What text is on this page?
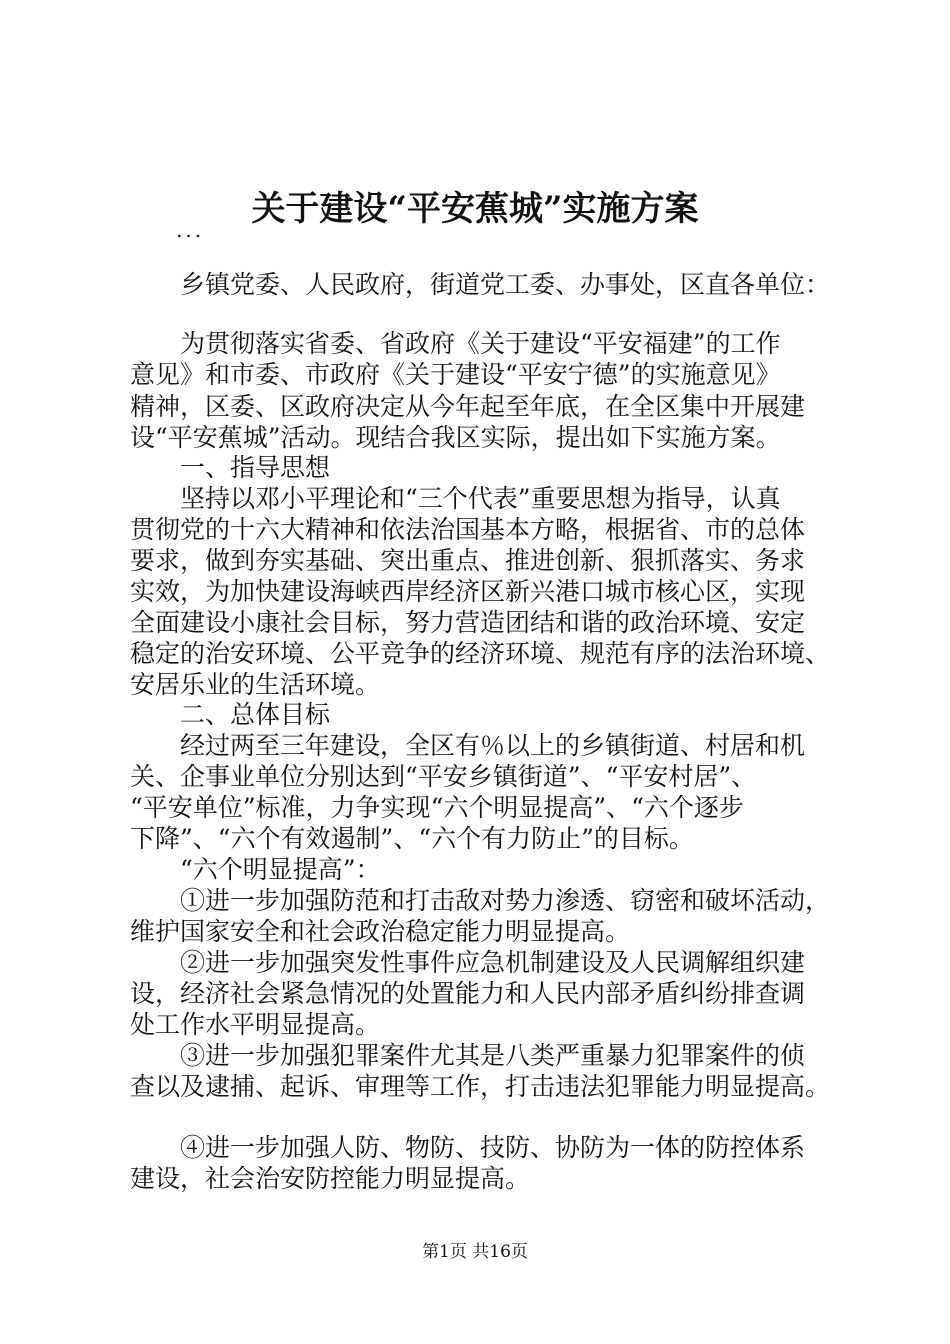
关于建设“平安蕉城”实施方案
...
　　乡镇党委、人民政府，街道党工委、办事处，区直各单位：
　　为贯彻落实省委、省政府《关于建设“平安福建”的工作
意见》和市委、市政府《关于建设“平安宁德”的实施意见》
精神，区委、区政府决定从今年起至年底，在全区集中开展建
设“平安蕉城”活动。现结合我区实际，提出如下实施方案。
　　一、指导思想
　　坚持以邓小平理论和“三个代表”重要思想为指导，认真
贯彻党的十六大精神和依法治国基本方略，根据省、市的总体
要求，做到夯实基础、突出重点、推进创新、狠抓落实、务求
实效，为加快建设海峡西岸经济区新兴港口城市核心区，实现
全面建设小康社会目标，努力营造团结和谐的政治环境、安定
稳定的治安环境、公平竞争的经济环境、规范有序的法治环境、
安居乐业的生活环境。
　　二、总体目标
　　经过两至三年建设，全区有％以上的乡镇街道、村居和机
关、企事业单位分别达到“平安乡镇街道”、“平安村居”、
“平安单位”标准，力争实现“六个明显提高”、“六个逐步
下降”、“六个有效遏制”、“六个有力防止”的目标。
　　“六个明显提高”：
　　①进一步加强防范和打击敌对势力渗透、窃密和破坏活动，
维护国家安全和社会政治稳定能力明显提高。
　　②进一步加强突发性事件应急机制建设及人民调解组织建
设，经济社会紧急情况的处置能力和人民内部矛盾纠纷排查调
处工作水平明显提高。
　　③进一步加强犯罪案件尤其是八类严重暴力犯罪案件的侦
查以及逮捕、起诉、审理等工作，打击违法犯罪能力明显提高。
　　④进一步加强人防、物防、技防、协防为一体的防控体系
建设，社会治安防控能力明显提高。
第1页 共16页
